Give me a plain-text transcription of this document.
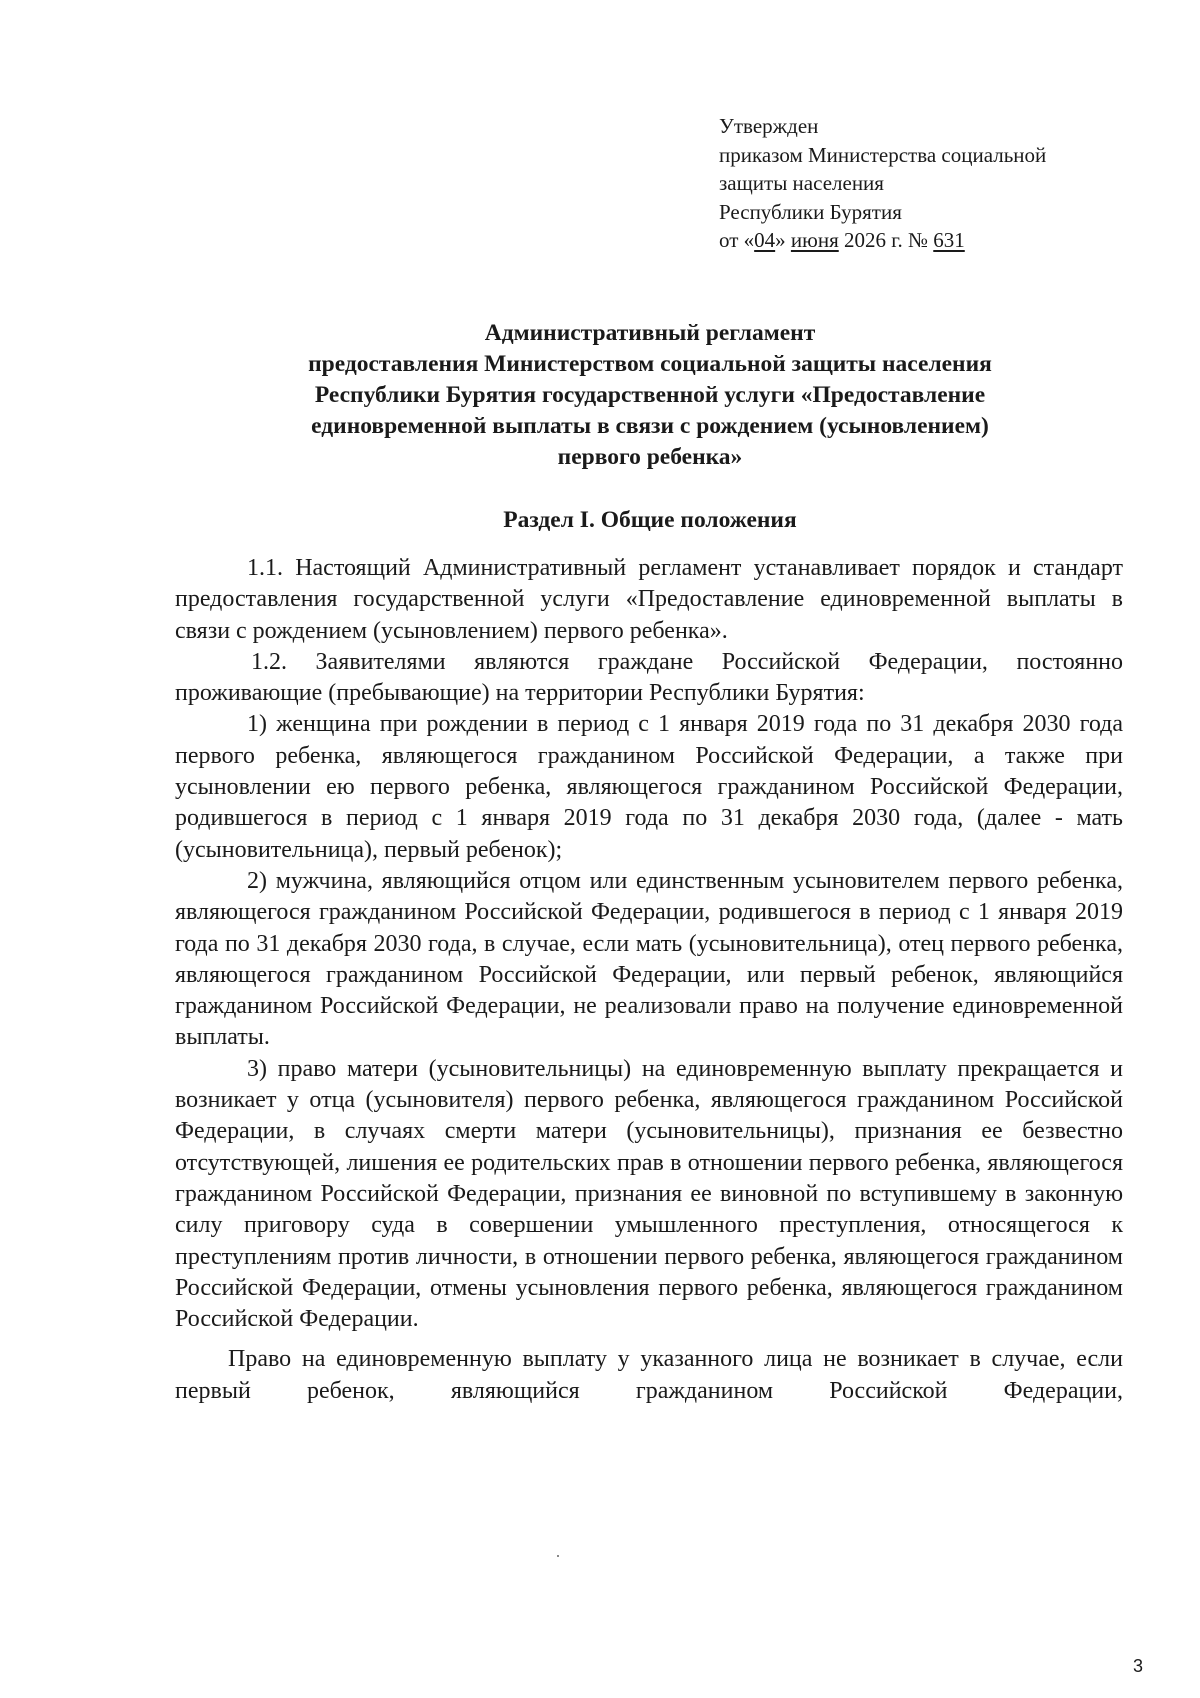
Утвержден
приказом Министерства социальной
защиты населения
Республики Бурятия
от «04» июня 2026 г. № 631
Административный регламент
предоставления Министерством социальной защиты населения
Республики Бурятия государственной услуги «Предоставление
единовременной выплаты в связи с рождением (усыновлением)
первого ребенка»
Раздел I. Общие положения

1.1. Настоящий Административный регламент устанавливает порядок и стандарт предоставления государственной услуги «Предоставление единовременной выплаты в связи с рождением (усыновлением) первого ребенка».

1.2. Заявителями являются граждане Российской Федерации, постоянно проживающие (пребывающие) на территории Республики Бурятия:

1) женщина при рождении в период с 1 января 2019 года по 31 декабря 2030 года первого ребенка, являющегося гражданином Российской Федерации, а также при усыновлении ею первого ребенка, являющегося гражданином Российской Федерации, родившегося в период с 1 января 2019 года по 31 декабря 2030 года, (далее - мать (усыновительница), первый ребенок);

2) мужчина, являющийся отцом или единственным усыновителем первого ребенка, являющегося гражданином Российской Федерации, родившегося в период с 1 января 2019 года по 31 декабря 2030 года, в случае, если мать (усыновительница), отец первого ребенка, являющегося гражданином Российской Федерации, или первый ребенок, являющийся гражданином Российской Федерации, не реализовали право на получение единовременной выплаты.

3) право матери (усыновительницы) на единовременную выплату прекращается и возникает у отца (усыновителя) первого ребенка, являющегося гражданином Российской Федерации, в случаях смерти матери (усыновительницы), признания ее безвестно отсутствующей, лишения ее родительских прав в отношении первого ребенка, являющегося гражданином Российской Федерации, признания ее виновной по вступившему в законную силу приговору суда в совершении умышленного преступления, относящегося к преступлениям против личности, в отношении первого ребенка, являющегося гражданином Российской Федерации, отмены усыновления первого ребенка, являющегося гражданином Российской Федерации.

Право на единовременную выплату у указанного лица не возникает в случае, если первый ребенок, являющийся гражданином Российской Федерации,

3
